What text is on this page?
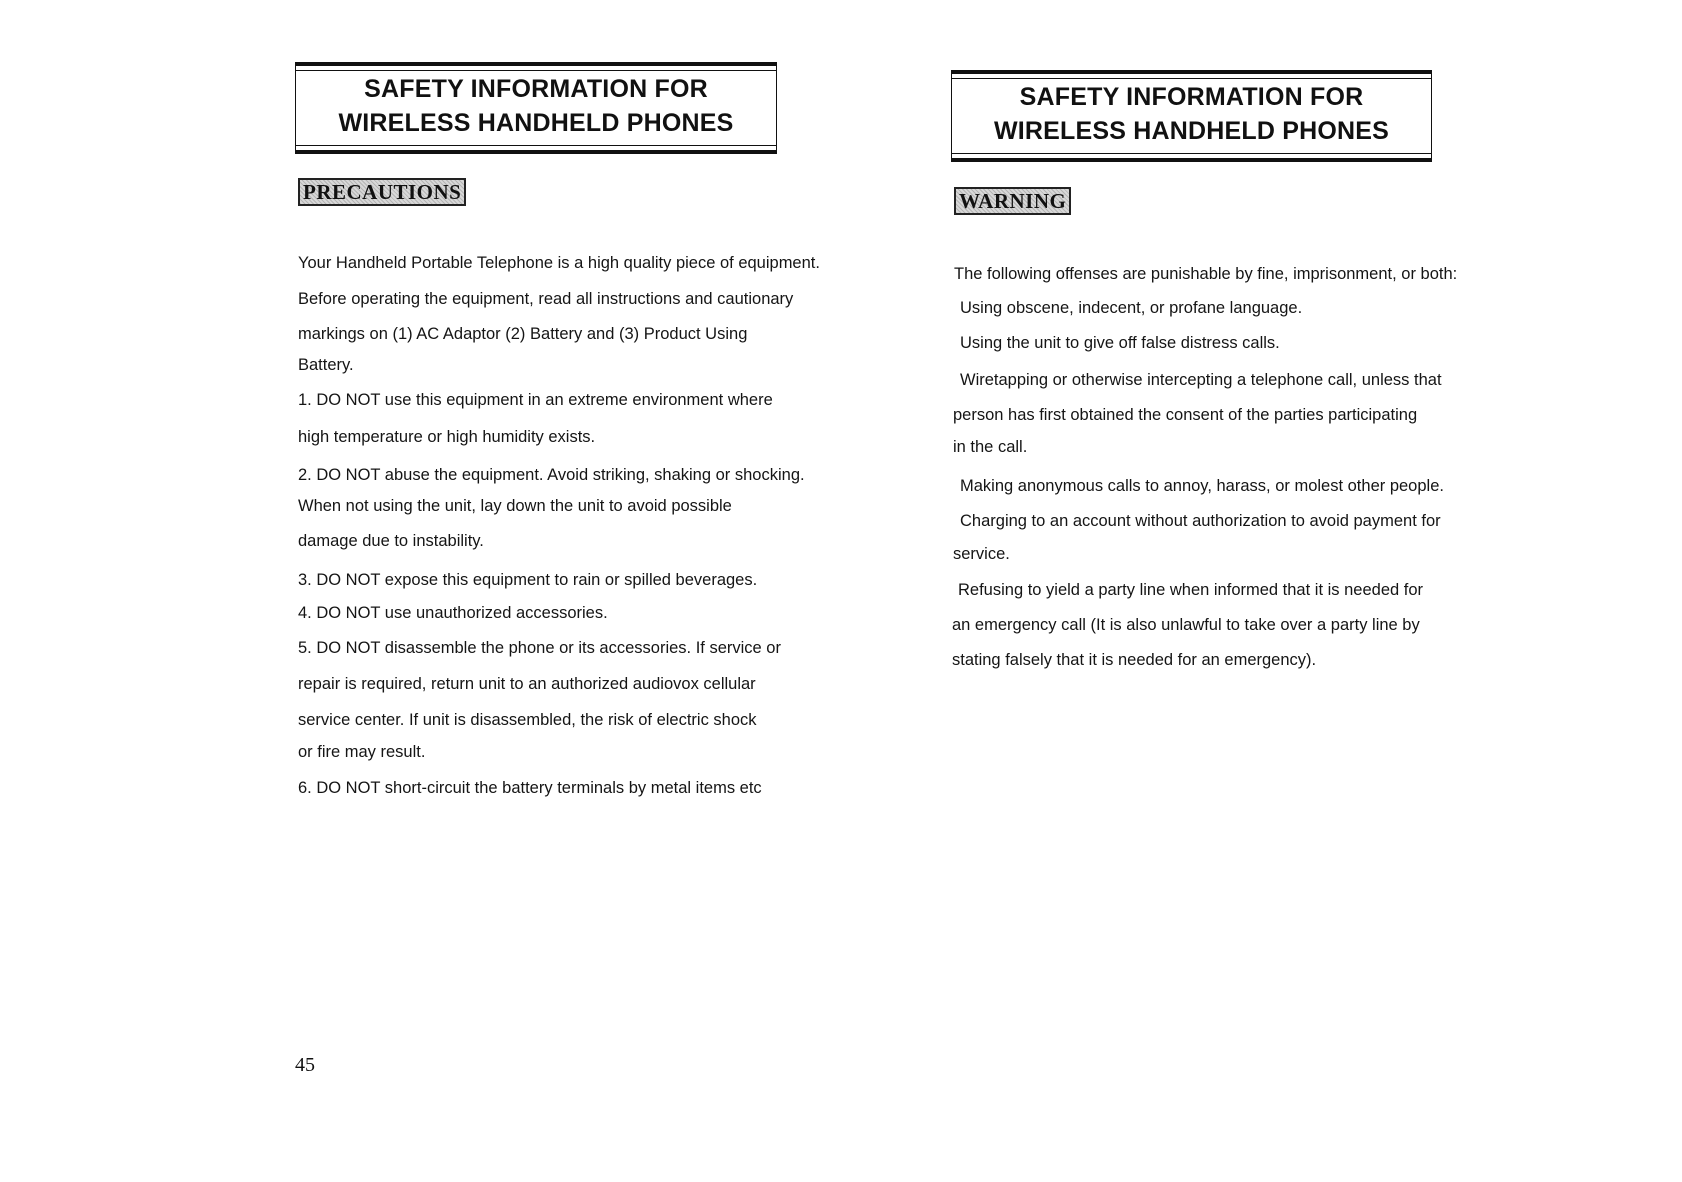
SAFETY INFORMATION FOR
WIRELESS HANDHELD PHONES
PRECAUTIONS
Your Handheld Portable Telephone is a high quality piece of equipment.
Before operating the equipment, read all instructions and cautionary
markings on (1) AC Adaptor (2) Battery and (3) Product Using
Battery.
1. DO NOT use this equipment in an extreme environment where
high temperature or high humidity exists.
2. DO NOT abuse the equipment. Avoid striking, shaking or shocking.
When not using the unit, lay down the unit to avoid possible
damage due to instability.
3. DO NOT expose this equipment to rain or spilled beverages.
4. DO NOT use unauthorized accessories.
5. DO NOT disassemble the phone or its accessories. If service or
repair is required, return unit to an authorized audiovox cellular
service center. If unit is disassembled, the risk of electric shock
or fire may result.
6. DO NOT short-circuit the battery terminals by metal items etc
45
SAFETY INFORMATION FOR
WIRELESS HANDHELD PHONES
WARNING
The following offenses are punishable by fine, imprisonment, or both:
Using obscene, indecent, or profane language.
Using the unit to give off false distress calls.
Wiretapping or otherwise intercepting a telephone call, unless that
person has first obtained the consent of the parties participating
in the call.
Making anonymous calls to annoy, harass, or molest other people.
Charging to an account without authorization to avoid payment for
service.
Refusing to yield a party line when informed that it is needed for
an emergency call (It is also unlawful to take over a party line by
stating falsely that it is needed for an emergency).
